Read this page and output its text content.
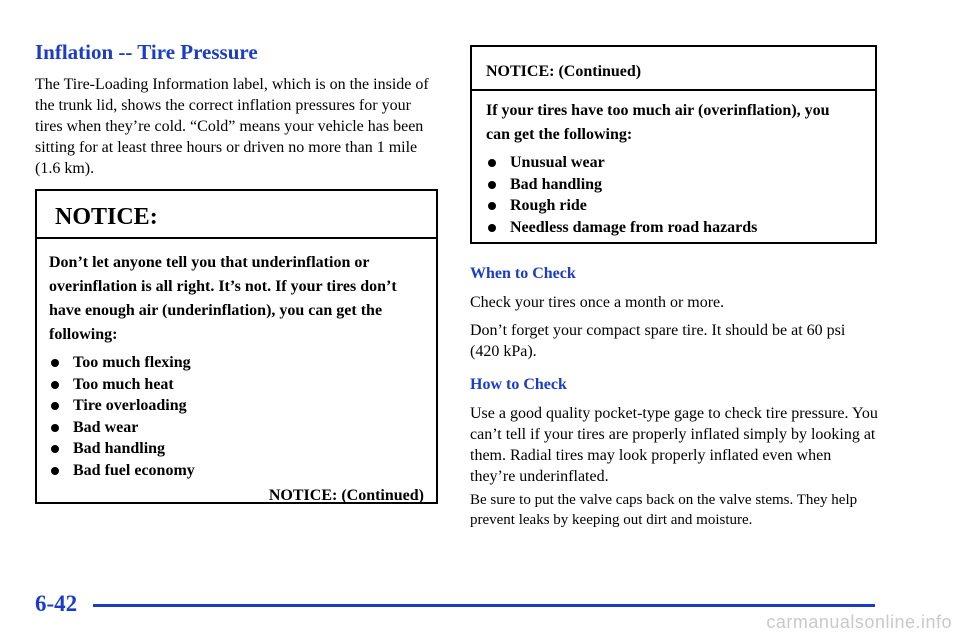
Inflation -- Tire Pressure

The Tire-Loading Information label, which is on the inside of the trunk lid, shows the correct inflation pressures for your tires when they’re cold. “Cold” means your vehicle has been sitting for at least three hours or driven no more than 1 mile (1.6 km).

NOTICE:

Don’t let anyone tell you that underinflation or overinflation is all right. It’s not. If your tires don’t have enough air (underinflation), you can get the following:

Too much flexing
Too much heat
Tire overloading
Bad wear
Bad handling
Bad fuel economy
NOTICE: (Continued)
NOTICE: (Continued)

If your tires have too much air (overinflation), you can get the following:

Unusual wear
Bad handling
Rough ride
Needless damage from road hazards
When to Check

Check your tires once a month or more.

Don’t forget your compact spare tire. It should be at 60 psi (420 kPa).

How to Check

Use a good quality pocket-type gage to check tire pressure. You can’t tell if your tires are properly inflated simply by looking at them. Radial tires may look properly inflated even when they’re underinflated.

Be sure to put the valve caps back on the valve stems. They help prevent leaks by keeping out dirt and moisture.

6-42
carmanualsonline.info
